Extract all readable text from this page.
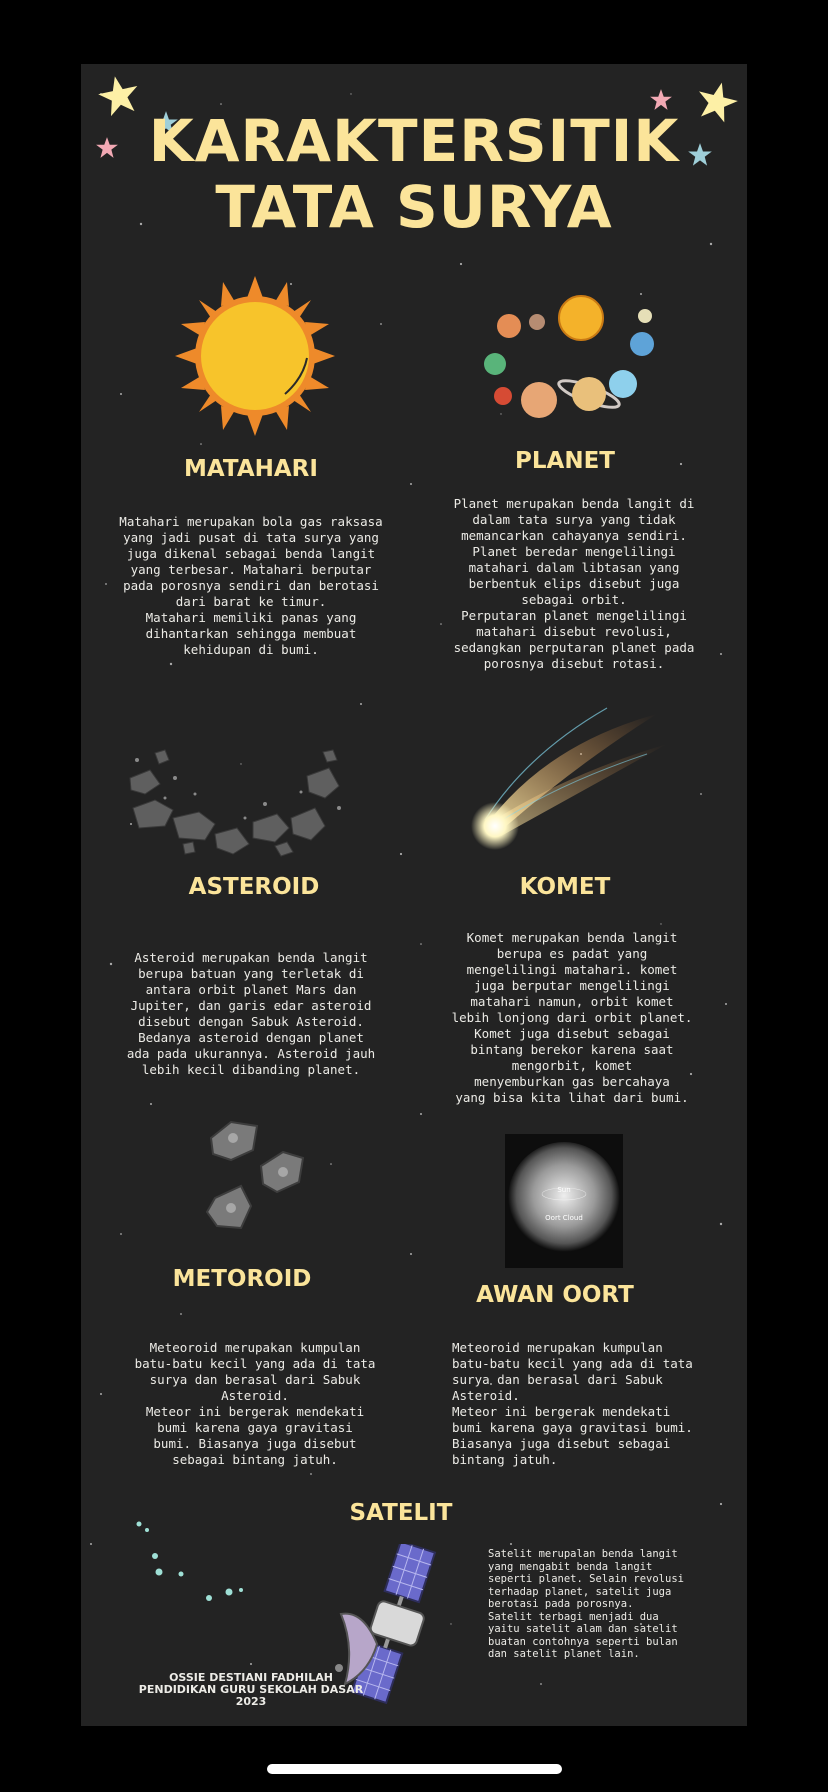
KARAKTERSITIK
TATA SURYA
MATAHARI
Matahari merupakan bola gas raksasa
yang jadi pusat di tata surya yang
juga dikenal sebagai benda langit
yang terbesar. Matahari berputar
pada porosnya sendiri dan berotasi
dari barat ke timur.
Matahari memiliki panas yang
dihantarkan sehingga membuat
kehidupan di bumi.
PLANET
Planet merupakan benda langit di
dalam tata surya yang tidak
memancarkan cahayanya sendiri.
Planet beredar mengelilingi
matahari dalam libtasan yang
berbentuk elips disebut juga
sebagai orbit.
Perputaran planet mengelilingi
matahari disebut revolusi,
sedangkan perputaran planet pada
porosnya disebut rotasi.
ASTEROID
Asteroid merupakan benda langit
berupa batuan yang terletak di
antara orbit planet Mars dan
Jupiter, dan garis edar asteroid
disebut dengan Sabuk Asteroid.
Bedanya asteroid dengan planet
ada pada ukurannya. Asteroid jauh
lebih kecil dibanding planet.
KOMET
Komet merupakan benda langit
berupa es padat yang
mengelilingi matahari. komet
juga berputar mengelilingi
matahari namun, orbit komet
lebih lonjong dari orbit planet.
Komet juga disebut sebagai
bintang berekor karena saat
mengorbit, komet
menyemburkan gas bercahaya
yang bisa kita lihat dari bumi.
METOROID
Meteoroid merupakan kumpulan
batu-batu kecil yang ada di tata
surya dan berasal dari Sabuk
Asteroid.
Meteor ini bergerak mendekati
bumi karena gaya gravitasi
bumi. Biasanya juga disebut
sebagai bintang jatuh.
Sun
Oort Cloud
AWAN OORT
Meteoroid merupakan kumpulan
batu-batu kecil yang ada di tata
surya dan berasal dari Sabuk
Asteroid.
Meteor ini bergerak mendekati
bumi karena gaya gravitasi bumi.
Biasanya juga disebut sebagai
bintang jatuh.
SATELIT
Satelit merupalan benda langit
yang mengabit benda langit
seperti planet. Selain revolusi
terhadap planet, satelit juga
berotasi pada porosnya.
Satelit terbagi menjadi dua
yaitu satelit alam dan satelit
buatan contohnya seperti bulan
dan satelit planet lain.
OSSIE DESTIANI FADHILAH
PENDIDIKAN GURU SEKOLAH DASAR
2023
